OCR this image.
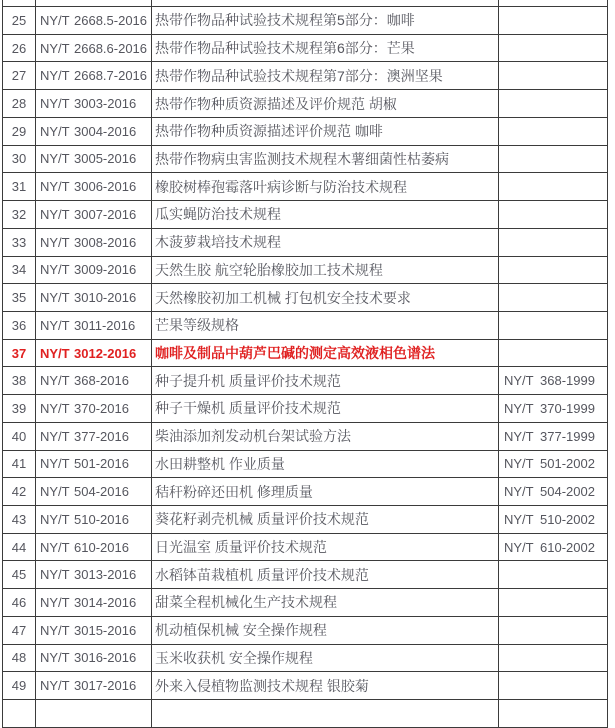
25	NY/T 2668.5-2016 热带作物品种试验技术规程第5部分：咖啡
26	NY/T 2668.6-2016 热带作物品种试验技术规程第6部分：芒果
27	NY/T 2668.7-2016 热带作物品种试验技术规程第7部分：澳洲坚果
28	NY/T 3003-2016 热带作物种质资源描述及评价规范 胡椒
29	NY/T 3004-2016 热带作物种质资源描述评价规范 咖啡
30	NY/T 3005-2016 热带作物病虫害监测技术规程木薯细菌性枯萎病
31	NY/T 3006-2016 橡胶树棒孢霉落叶病诊断与防治技术规程
32	NY/T 3007-2016 瓜实蝇防治技术规程
33	NY/T 3008-2016 木菠萝栽培技术规程
34	NY/T 3009-2016 天然生胶 航空轮胎橡胶加工技术规程
35	NY/T 3010-2016 天然橡胶初加工机械 打包机安全技术要求
36	NY/T 3011-2016 芒果等级规格
37	NY/T 3012-2016 咖啡及制品中葫芦巴碱的测定高效液相色谱法
38	NY/T 368-2016 种子提升机 质量评价技术规范	NY/T 368-1999
39	NY/T 370-2016 种子干燥机 质量评价技术规范	NY/T 370-1999
40	NY/T 377-2016 柴油添加剂发动机台架试验方法	NY/T 377-1999
41	NY/T 501-2016 水田耕整机 作业质量	NY/T 501-2002
42	NY/T 504-2016 秸秆粉碎还田机 修理质量	NY/T 504-2002
43	NY/T 510-2016 葵花籽剥壳机械 质量评价技术规范	NY/T 510-2002
44	NY/T 610-2016 日光温室 质量评价技术规范	NY/T 610-2002
45	NY/T 3013-2016 水稻钵苗栽植机 质量评价技术规范
46	NY/T 3014-2016 甜菜全程机械化生产技术规程
47	NY/T 3015-2016 机动植保机械 安全操作规程
48	NY/T 3016-2016 玉米收获机 安全操作规程
49	NY/T 3017-2016 外来入侵植物监测技术规程 银胶菊
